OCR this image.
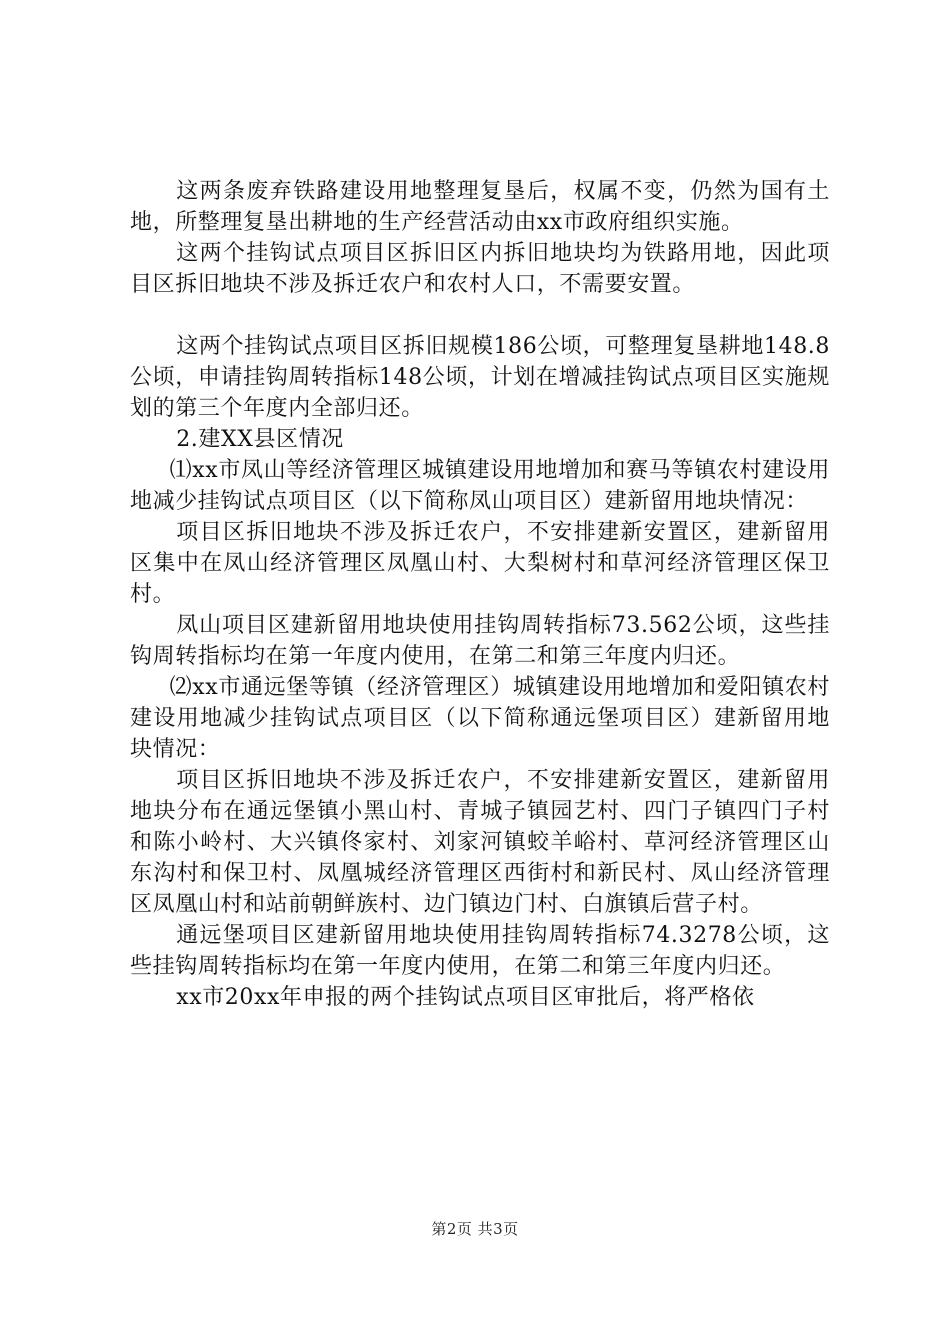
这两条废弃铁路建设用地整理复垦后，权属不变，仍然为国有土地，所整理复垦出耕地的生产经营活动由xx市政府组织实施。

这两个挂钩试点项目区拆旧区内拆旧地块均为铁路用地，因此项目区拆旧地块不涉及拆迁农户和农村人口，不需要安置。

这两个挂钩试点项目区拆旧规模186公顷，可整理复垦耕地148.8公顷，申请挂钩周转指标148公顷，计划在增减挂钩试点项目区实施规划的第三个年度内全部归还。

2.建XX县区情况

⑴xx市凤山等经济管理区城镇建设用地增加和赛马等镇农村建设用地减少挂钩试点项目区（以下简称凤山项目区）建新留用地块情况：

项目区拆旧地块不涉及拆迁农户，不安排建新安置区，建新留用区集中在凤山经济管理区凤凰山村、大梨树村和草河经济管理区保卫村。

凤山项目区建新留用地块使用挂钩周转指标73.562公顷，这些挂钩周转指标均在第一年度内使用，在第二和第三年度内归还。

⑵xx市通远堡等镇（经济管理区）城镇建设用地增加和爱阳镇农村建设用地减少挂钩试点项目区（以下简称通远堡项目区）建新留用地块情况：

项目区拆旧地块不涉及拆迁农户，不安排建新安置区，建新留用地块分布在通远堡镇小黑山村、青城子镇园艺村、四门子镇四门子村和陈小岭村、大兴镇佟家村、刘家河镇蛟羊峪村、草河经济管理区山东沟村和保卫村、凤凰城经济管理区西街村和新民村、凤山经济管理区凤凰山村和站前朝鲜族村、边门镇边门村、白旗镇后营子村。

通远堡项目区建新留用地块使用挂钩周转指标74.3278公顷，这些挂钩周转指标均在第一年度内使用，在第二和第三年度内归还。

xx市20xx年申报的两个挂钩试点项目区审批后，将严格依

第2页 共3页
